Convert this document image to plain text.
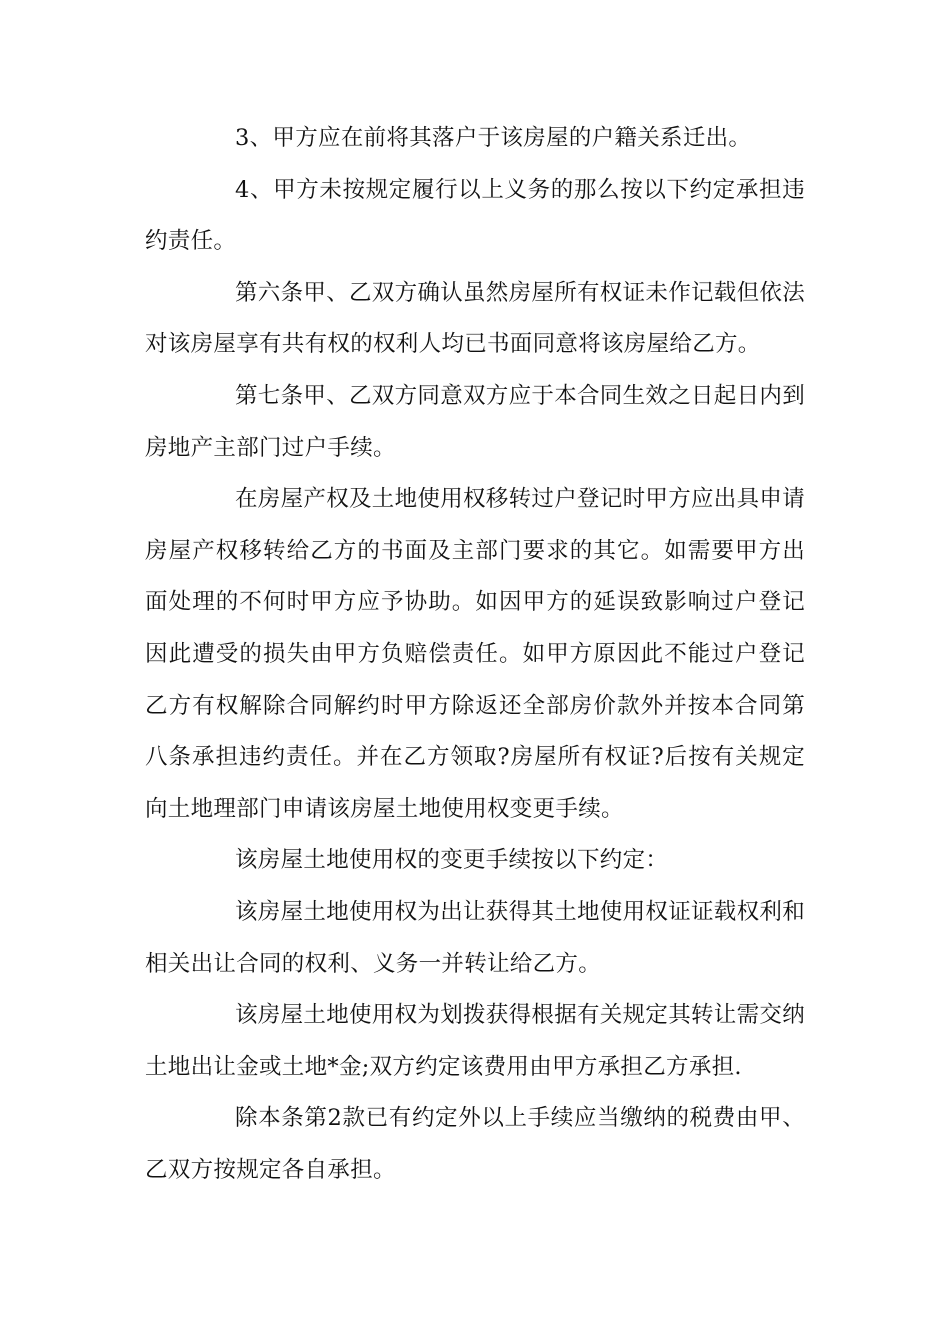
3、甲方应在前将其落户于该房屋的户籍关系迁出。

4、甲方未按规定履行以上义务的那么按以下约定承担违约责任。

第六条甲、乙双方确认虽然房屋所有权证未作记载但依法对该房屋享有共有权的权利人均已书面同意将该房屋给乙方。

第七条甲、乙双方同意双方应于本合同生效之日起日内到房地产主部门过户手续。

在房屋产权及土地使用权移转过户登记时甲方应出具申请房屋产权移转给乙方的书面及主部门要求的其它。如需要甲方出面处理的不何时甲方应予协助。如因甲方的延误致影响过户登记因此遭受的损失由甲方负赔偿责任。如甲方原因此不能过户登记乙方有权解除合同解约时甲方除返还全部房价款外并按本合同第八条承担违约责任。并在乙方领取?房屋所有权证?后按有关规定向土地理部门申请该房屋土地使用权变更手续。

该房屋土地使用权的变更手续按以下约定：

该房屋土地使用权为出让获得其土地使用权证证载权利和相关出让合同的权利、义务一并转让给乙方。

该房屋土地使用权为划拨获得根据有关规定其转让需交纳土地出让金或土地*金;双方约定该费用由甲方承担乙方承担.

除本条第2款已有约定外以上手续应当缴纳的税费由甲、乙双方按规定各自承担。
